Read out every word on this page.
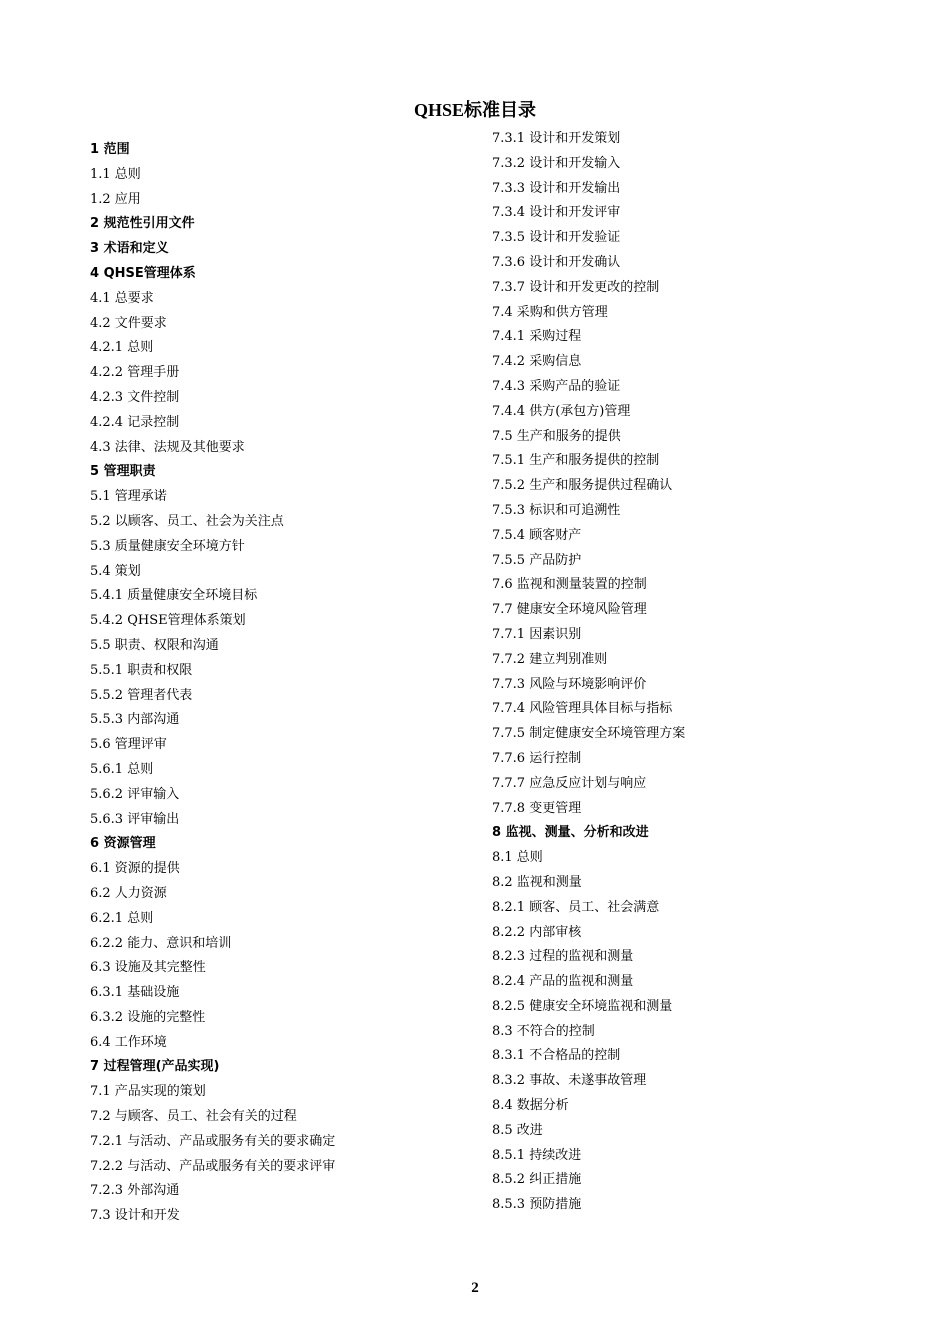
QHSE标准目录
1 范围
1.1 总则
1.2 应用
2 规范性引用文件
3 术语和定义
4 QHSE管理体系
4.1 总要求
4.2 文件要求
4.2.1 总则
4.2.2 管理手册
4.2.3 文件控制
4.2.4 记录控制
4.3 法律、法规及其他要求
5 管理职责
5.1 管理承诺
5.2 以顾客、员工、社会为关注点
5.3 质量健康安全环境方针
5.4 策划
5.4.1 质量健康安全环境目标
5.4.2 QHSE管理体系策划
5.5 职责、权限和沟通
5.5.1 职责和权限
5.5.2 管理者代表
5.5.3 内部沟通
5.6 管理评审
5.6.1 总则
5.6.2 评审输入
5.6.3 评审输出
6 资源管理
6.1 资源的提供
6.2 人力资源
6.2.1 总则
6.2.2 能力、意识和培训
6.3 设施及其完整性
6.3.1 基础设施
6.3.2 设施的完整性
6.4 工作环境
7 过程管理(产品实现)
7.1 产品实现的策划
7.2 与顾客、员工、社会有关的过程
7.2.1 与活动、产品或服务有关的要求确定
7.2.2 与活动、产品或服务有关的要求评审
7.2.3 外部沟通
7.3 设计和开发
7.3.1 设计和开发策划
7.3.2 设计和开发输入
7.3.3 设计和开发输出
7.3.4 设计和开发评审
7.3.5 设计和开发验证
7.3.6 设计和开发确认
7.3.7 设计和开发更改的控制
7.4 采购和供方管理
7.4.1 采购过程
7.4.2 采购信息
7.4.3 采购产品的验证
7.4.4 供方(承包方)管理
7.5 生产和服务的提供
7.5.1 生产和服务提供的控制
7.5.2 生产和服务提供过程确认
7.5.3 标识和可追溯性
7.5.4 顾客财产
7.5.5 产品防护
7.6 监视和测量装置的控制
7.7 健康安全环境风险管理
7.7.1 因素识别
7.7.2 建立判别准则
7.7.3 风险与环境影响评价
7.7.4 风险管理具体目标与指标
7.7.5 制定健康安全环境管理方案
7.7.6 运行控制
7.7.7 应急反应计划与响应
7.7.8 变更管理
8 监视、测量、分析和改进
8.1 总则
8.2 监视和测量
8.2.1 顾客、员工、社会满意
8.2.2 内部审核
8.2.3 过程的监视和测量
8.2.4 产品的监视和测量
8.2.5 健康安全环境监视和测量
8.3 不符合的控制
8.3.1 不合格品的控制
8.3.2 事故、未遂事故管理
8.4 数据分析
8.5 改进
8.5.1 持续改进
8.5.2 纠正措施
8.5.3 预防措施
2
